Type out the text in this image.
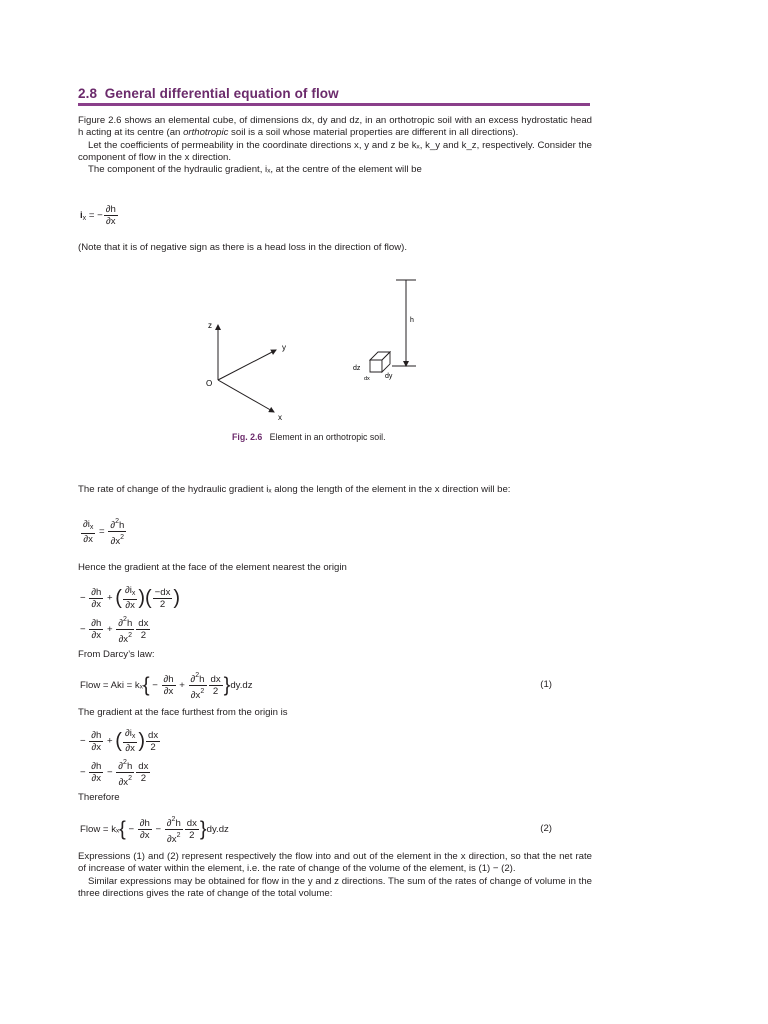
2.8 General differential equation of flow

Figure 2.6 shows an elemental cube, of dimensions dx, dy and dz, in an orthotropic soil with an excess hydrostatic head h acting at its centre (an orthotropic soil is a soil whose material properties are different in all directions).

Let the coefficients of permeability in the coordinate directions x, y and z be kₓ, k_y and k_z, respectively. Consider the component of flow in the x direction.

The component of the hydraulic gradient, iₓ, at the centre of the element will be

$i_x$ = − $\frac{\partial h}{\partial x}$
(Note that it is of negative sign as there is a head loss in the direction of flow).
z
y
x
O
h
dz
dx dy
Fig. 2.6 Element in an orthotropic soil.
The rate of change of the hydraulic gradient iₓ along the length of the element in the x direction will be:
$\frac{\partial i_x}{\partial x} = \frac{\partial^2h}{\partial x^2}$
Hence the gradient at the face of the element nearest the origin
− $\frac{\partial h}{\partial x}$ + ( $\frac{\partial i_x}{\partial x}$ )( $\frac{-dx}{2}$ )
− $\frac{\partial h}{\partial x} + \frac{\partial^2h}{\partial x^2} \frac{dx}{2}$
From Darcy’s law:
Flow = Aki = $k_x\{ - \frac{\partial h}{\partial x} + \frac{\partial^2h}{\partial x^2} \frac{dx}{2} \}dy.dz$	(1)
The gradient at the face furthest from the origin is
− $\frac{\partial h}{\partial x}$ + ( $\frac{\partial i_x}{\partial x}$ ) $\frac{dx}{2}$
− $\frac{\partial h}{\partial x} - \frac{\partial^2h}{\partial x^2} \frac{dx}{2}$
Therefore
Flow = $k_x\{ - \frac{\partial h}{\partial x} - \frac{\partial^2h}{\partial x^2} \frac{dx}{2} \}dy.dz$	(2)

Expressions (1) and (2) represent respectively the flow into and out of the element in the x direction, so that the net rate of increase of water within the element, i.e. the rate of change of the volume of the element, is (1) − (2).

Similar expressions may be obtained for flow in the y and z directions. The sum of the rates of change of volume in the three directions gives the rate of change of the total volume:
